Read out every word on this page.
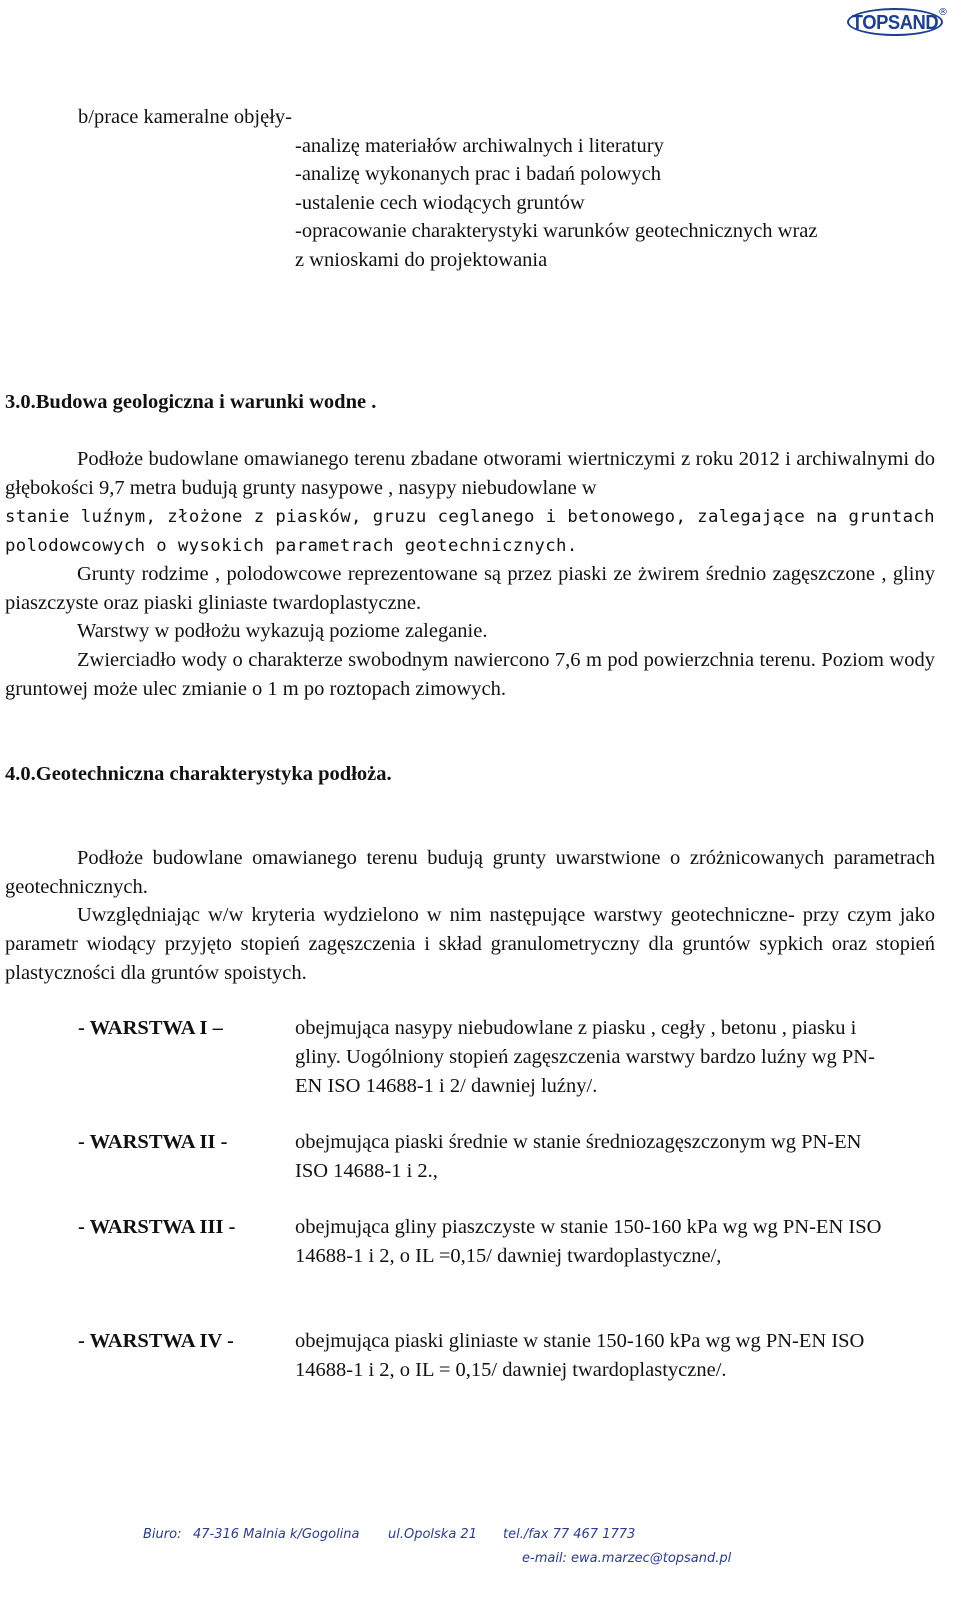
TOPSAND ®
b/prace kameralne objęły-
-analizę materiałów archiwalnych i literatury
-analizę wykonanych prac i badań polowych
-ustalenie cech wiodących gruntów
-opracowanie charakterystyki warunków geotechnicznych wraz
z wnioskami do projektowania
3.0.Budowa geologiczna i warunki wodne .
Podłoże budowlane omawianego terenu zbadane otworami wiertniczymi z roku 2012 i archiwalnymi do głębokości 9,7 metra budują grunty nasypowe , nasypy niebudowlane w
stanie luźnym, złożone z piasków, gruzu ceglanego i betonowego, zalegające na gruntach polodowcowych o wysokich parametrach geotechnicznych.
Grunty rodzime , polodowcowe reprezentowane są przez piaski ze żwirem średnio zagęszczone , gliny piaszczyste oraz piaski gliniaste twardoplastyczne.
Warstwy w podłożu wykazują poziome zaleganie.
Zwierciadło wody o charakterze swobodnym nawiercono 7,6 m pod powierzchnia terenu. Poziom wody gruntowej może ulec zmianie o 1 m po roztopach zimowych.
4.0.Geotechniczna charakterystyka podłoża.
Podłoże budowlane omawianego terenu budują grunty uwarstwione o zróżnicowanych parametrach geotechnicznych.
Uwzględniając w/w kryteria wydzielono w nim następujące warstwy geotechniczne- przy czym jako parametr wiodący przyjęto stopień zagęszczenia i skład granulometryczny dla gruntów sypkich oraz stopień plastyczności dla gruntów spoistych.
- WARSTWA I –	obejmująca nasypy niebudowlane z piasku , cegły , betonu , piasku i gliny. Uogólniony stopień zagęszczenia warstwy bardzo luźny wg PN-EN ISO 14688-1 i 2/ dawniej luźny/.
- WARSTWA II -	obejmująca piaski średnie w stanie średniozagęszczonym wg PN-EN ISO 14688-1 i 2.,
- WARSTWA III -	obejmująca gliny piaszczyste w stanie 150-160 kPa wg wg PN-EN ISO 14688-1 i 2, o IL =0,15/ dawniej twardoplastyczne/,
- WARSTWA IV -	obejmująca piaski gliniaste w stanie 150-160 kPa wg wg PN-EN ISO 14688-1 i 2, o IL = 0,15/ dawniej twardoplastyczne/.
Biuro: 47-316 Malnia k/Gogolina ul.Opolska 21 tel./fax 77 467 1773
e-mail: ewa.marzec@topsand.pl
